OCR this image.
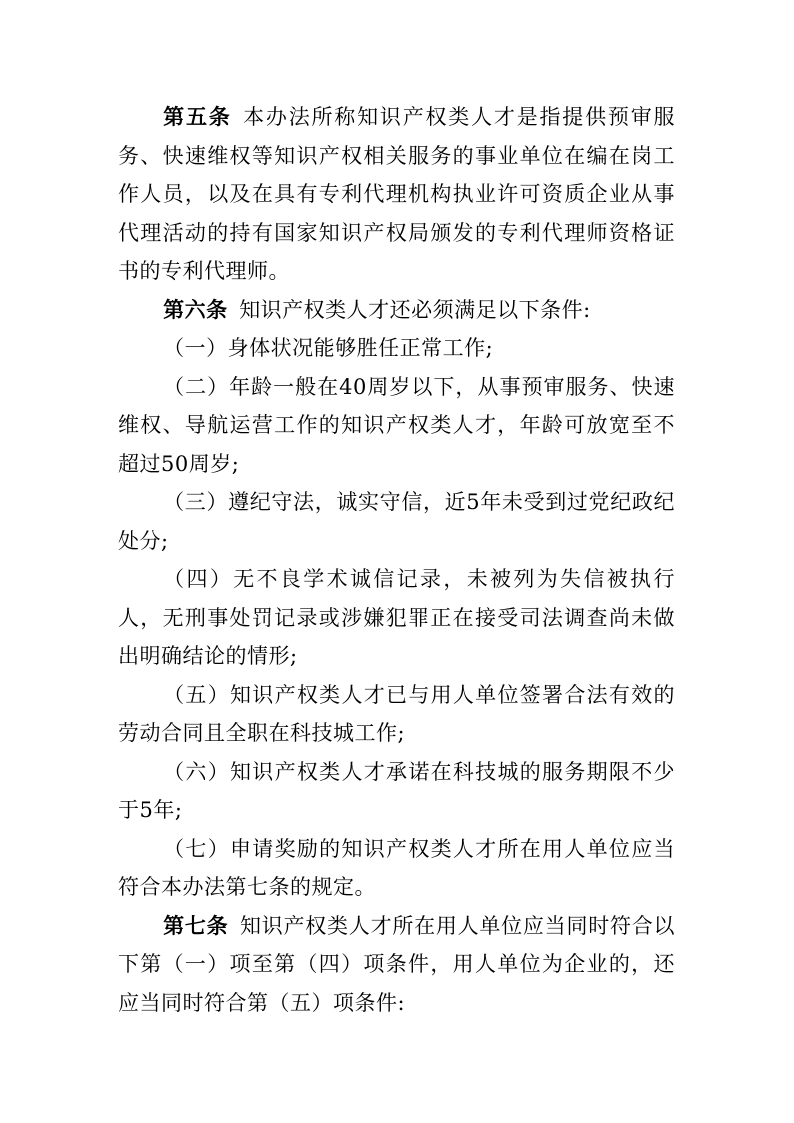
第五条 本办法所称知识产权类人才是指提供预审服务、快速维权等知识产权相关服务的事业单位在编在岗工作人员，以及在具有专利代理机构执业许可资质企业从事代理活动的持有国家知识产权局颁发的专利代理师资格证书的专利代理师。

第六条 知识产权类人才还必须满足以下条件:

（一）身体状况能够胜任正常工作;

（二）年龄一般在40周岁以下，从事预审服务、快速维权、导航运营工作的知识产权类人才，年龄可放宽至不超过50周岁;

（三）遵纪守法，诚实守信，近5年未受到过党纪政纪处分;

（四）无不良学术诚信记录，未被列为失信被执行人，无刑事处罚记录或涉嫌犯罪正在接受司法调查尚未做出明确结论的情形;

（五）知识产权类人才已与用人单位签署合法有效的劳动合同且全职在科技城工作;

（六）知识产权类人才承诺在科技城的服务期限不少于5年;

（七）申请奖励的知识产权类人才所在用人单位应当符合本办法第七条的规定。

第七条 知识产权类人才所在用人单位应当同时符合以下第（一）项至第（四）项条件，用人单位为企业的，还应当同时符合第（五）项条件:
